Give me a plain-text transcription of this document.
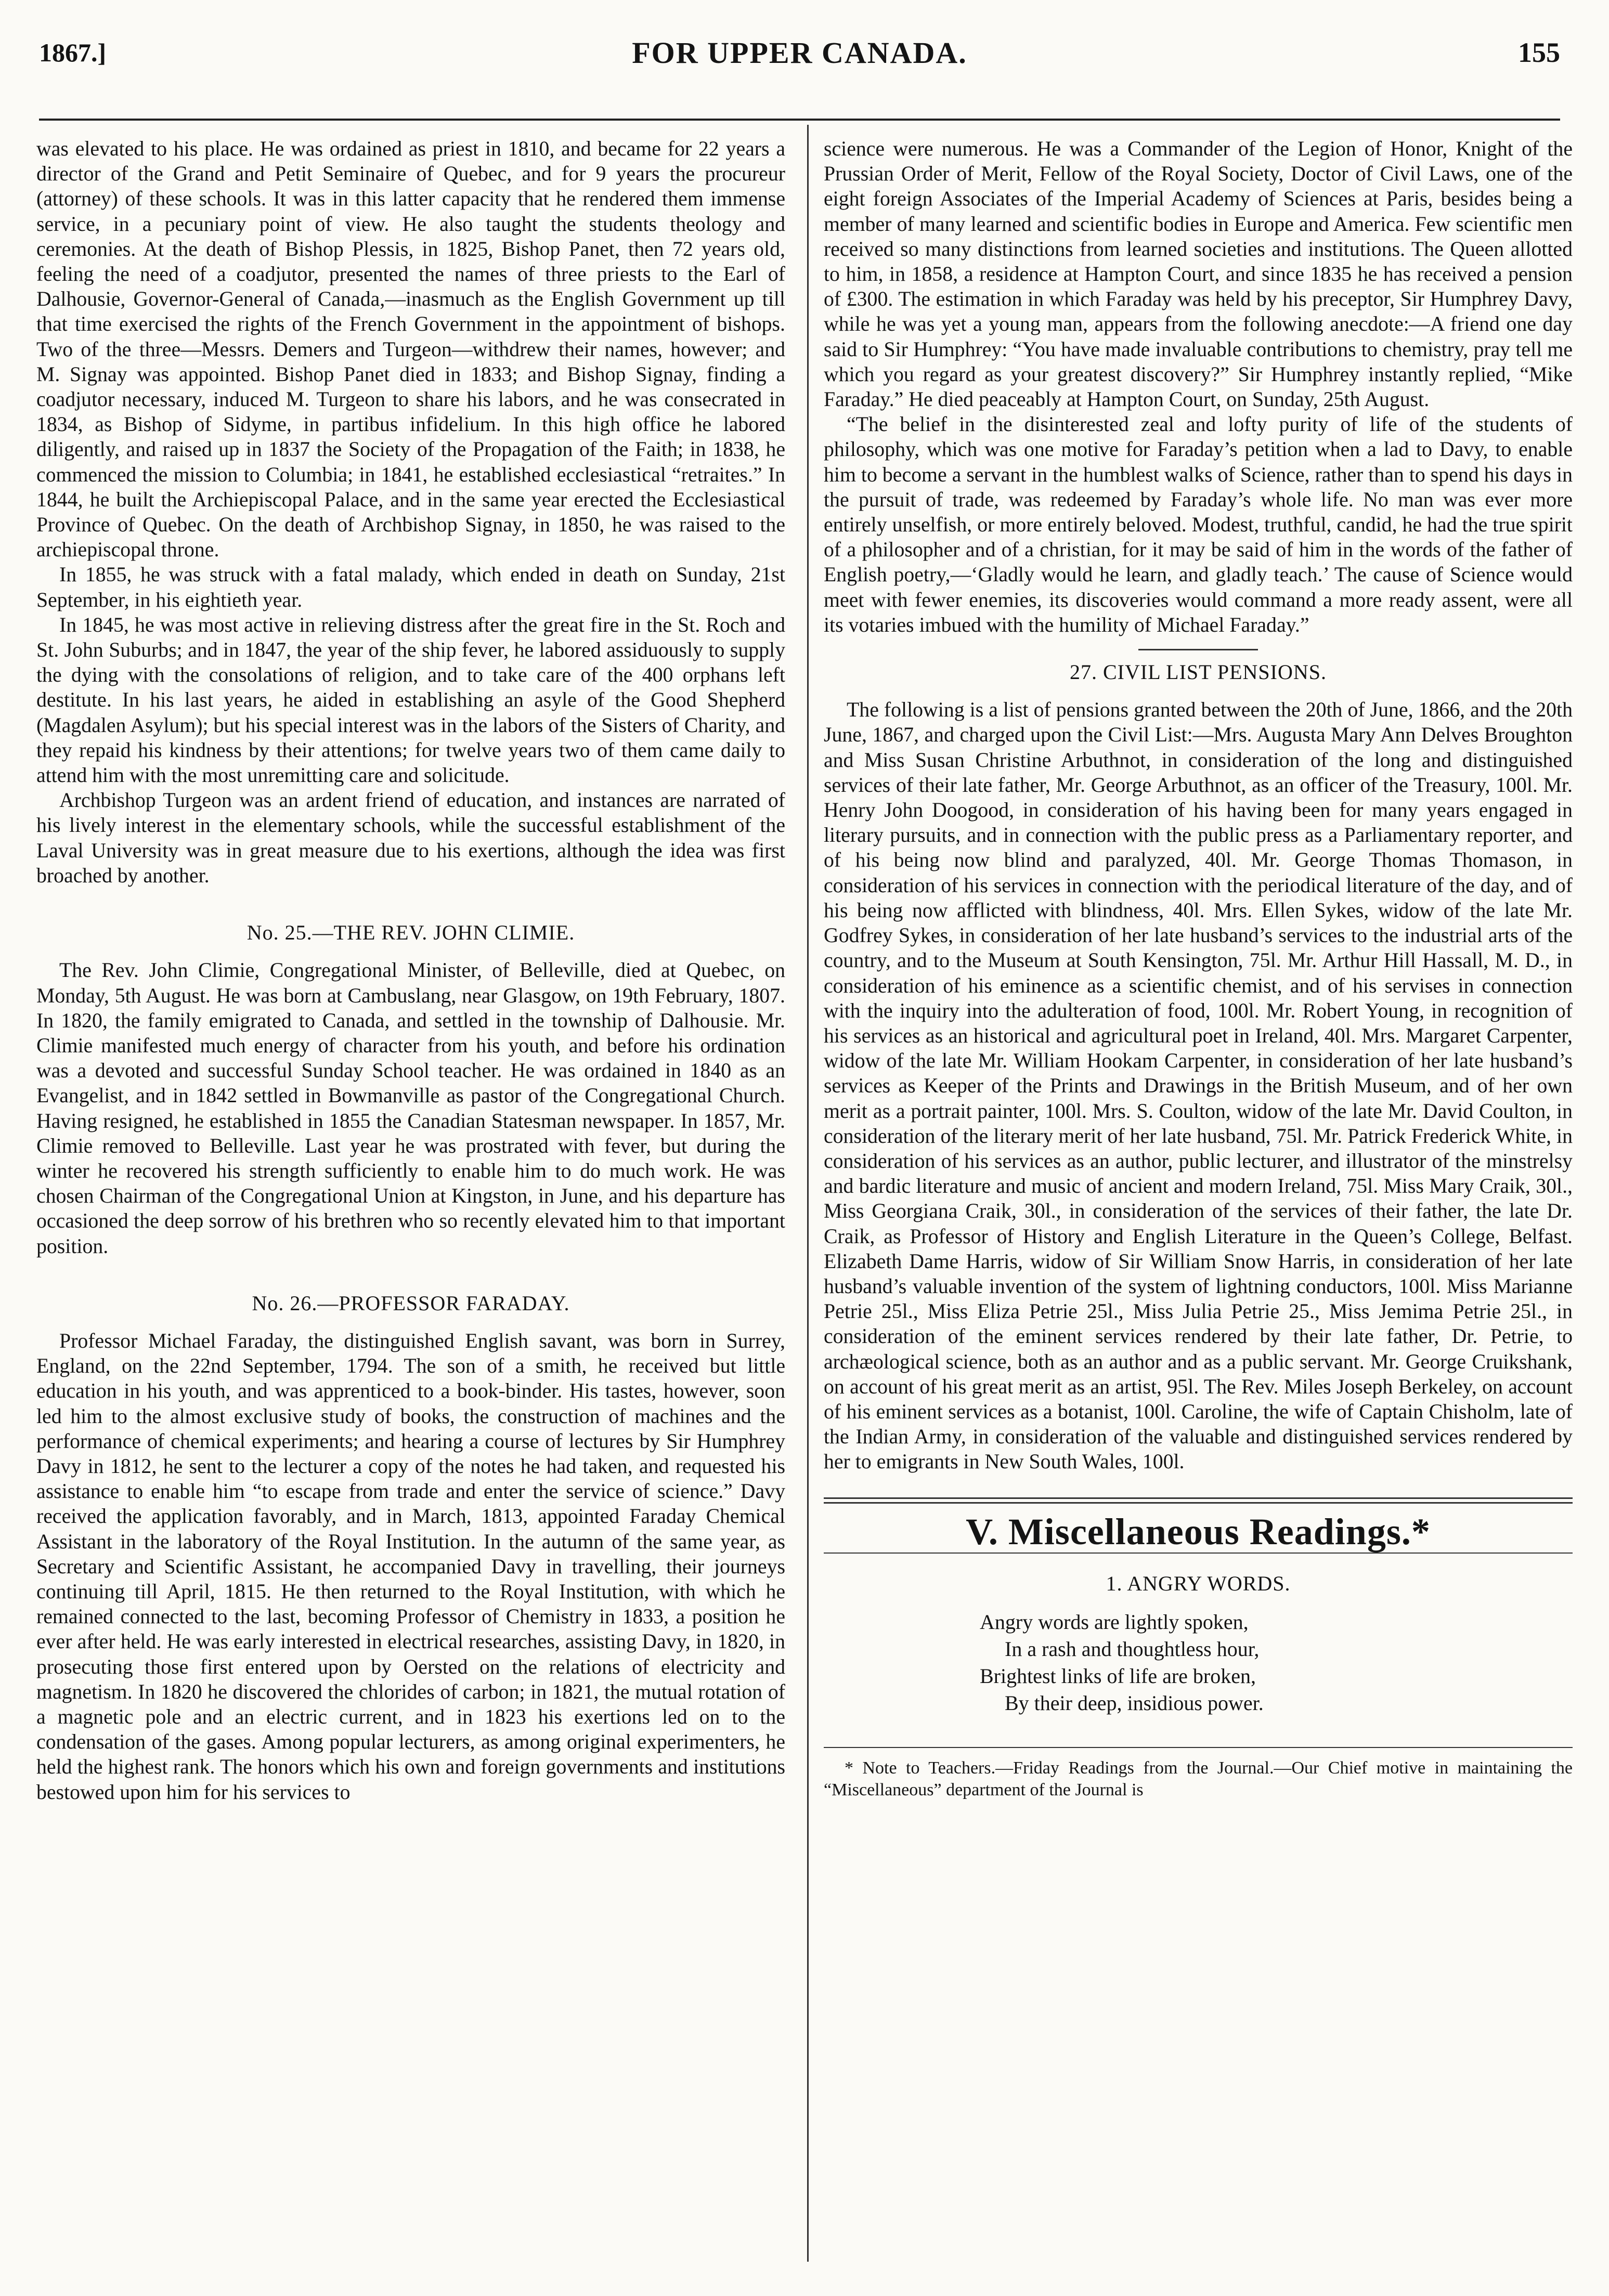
1867.]	FOR UPPER CANADA.	155

was elevated to his place. He was ordained as priest in 1810, and became for 22 years a director of the Grand and Petit Seminaire of Quebec, and for 9 years the procureur (attorney) of these schools. It was in this latter capacity that he rendered them immense service, in a pecuniary point of view. He also taught the students theology and ceremonies. At the death of Bishop Plessis, in 1825, Bishop Panet, then 72 years old, feeling the need of a coadjutor, presented the names of three priests to the Earl of Dalhousie, Governor-General of Canada,—inasmuch as the English Government up till that time exercised the rights of the French Government in the appointment of bishops. Two of the three—Messrs. Demers and Turgeon—withdrew their names, however; and M. Signay was appointed. Bishop Panet died in 1833; and Bishop Signay, finding a coadjutor necessary, induced M. Turgeon to share his labors, and he was consecrated in 1834, as Bishop of Sidyme, in partibus infidelium. In this high office he labored diligently, and raised up in 1837 the Society of the Propagation of the Faith; in 1838, he commenced the mission to Columbia; in 1841, he established ecclesiastical “retraites.” In 1844, he built the Archiepiscopal Palace, and in the same year erected the Ecclesiastical Province of Quebec. On the death of Archbishop Signay, in 1850, he was raised to the archiepiscopal throne.

In 1855, he was struck with a fatal malady, which ended in death on Sunday, 21st September, in his eightieth year.

In 1845, he was most active in relieving distress after the great fire in the St. Roch and St. John Suburbs; and in 1847, the year of the ship fever, he labored assiduously to supply the dying with the consolations of religion, and to take care of the 400 orphans left destitute. In his last years, he aided in establishing an asyle of the Good Shepherd (Magdalen Asylum); but his special interest was in the labors of the Sisters of Charity, and they repaid his kindness by their attentions; for twelve years two of them came daily to attend him with the most unremitting care and solicitude.

Archbishop Turgeon was an ardent friend of education, and instances are narrated of his lively interest in the elementary schools, while the successful establishment of the Laval University was in great measure due to his exertions, although the idea was first broached by another.

No. 25.—THE REV. JOHN CLIMIE.

The Rev. John Climie, Congregational Minister, of Belleville, died at Quebec, on Monday, 5th August. He was born at Cambuslang, near Glasgow, on 19th February, 1807. In 1820, the family emigrated to Canada, and settled in the township of Dalhousie. Mr. Climie manifested much energy of character from his youth, and before his ordination was a devoted and successful Sunday School teacher. He was ordained in 1840 as an Evangelist, and in 1842 settled in Bowmanville as pastor of the Congregational Church. Having resigned, he established in 1855 the Canadian Statesman newspaper. In 1857, Mr. Climie removed to Belleville. Last year he was prostrated with fever, but during the winter he recovered his strength sufficiently to enable him to do much work. He was chosen Chairman of the Congregational Union at Kingston, in June, and his departure has occasioned the deep sorrow of his brethren who so recently elevated him to that important position.

No. 26.—PROFESSOR FARADAY.

Professor Michael Faraday, the distinguished English savant, was born in Surrey, England, on the 22nd September, 1794. The son of a smith, he received but little education in his youth, and was apprenticed to a book-binder. His tastes, however, soon led him to the almost exclusive study of books, the construction of machines and the performance of chemical experiments; and hearing a course of lectures by Sir Humphrey Davy in 1812, he sent to the lecturer a copy of the notes he had taken, and requested his assistance to enable him “to escape from trade and enter the service of science.” Davy received the application favorably, and in March, 1813, appointed Faraday Chemical Assistant in the laboratory of the Royal Institution. In the autumn of the same year, as Secretary and Scientific Assistant, he accompanied Davy in travelling, their journeys continuing till April, 1815. He then returned to the Royal Institution, with which he remained connected to the last, becoming Professor of Chemistry in 1833, a position he ever after held. He was early interested in electrical researches, assisting Davy, in 1820, in prosecuting those first entered upon by Oersted on the relations of electricity and magnetism. In 1820 he discovered the chlorides of carbon; in 1821, the mutual rotation of a magnetic pole and an electric current, and in 1823 his exertions led on to the condensation of the gases. Among popular lecturers, as among original experimenters, he held the highest rank. The honors which his own and foreign governments and institutions bestowed upon him for his services to

science were numerous. He was a Commander of the Legion of Honor, Knight of the Prussian Order of Merit, Fellow of the Royal Society, Doctor of Civil Laws, one of the eight foreign Associates of the Imperial Academy of Sciences at Paris, besides being a member of many learned and scientific bodies in Europe and America. Few scientific men received so many distinctions from learned societies and institutions. The Queen allotted to him, in 1858, a residence at Hampton Court, and since 1835 he has received a pension of £300. The estimation in which Faraday was held by his preceptor, Sir Humphrey Davy, while he was yet a young man, appears from the following anecdote:—A friend one day said to Sir Humphrey: “You have made invaluable contributions to chemistry, pray tell me which you regard as your greatest discovery?” Sir Humphrey instantly replied, “Mike Faraday.” He died peaceably at Hampton Court, on Sunday, 25th August.

“The belief in the disinterested zeal and lofty purity of life of the students of philosophy, which was one motive for Faraday’s petition when a lad to Davy, to enable him to become a servant in the humblest walks of Science, rather than to spend his days in the pursuit of trade, was redeemed by Faraday’s whole life. No man was ever more entirely unselfish, or more entirely beloved. Modest, truthful, candid, he had the true spirit of a philosopher and of a christian, for it may be said of him in the words of the father of English poetry,—‘Gladly would he learn, and gladly teach.’ The cause of Science would meet with fewer enemies, its discoveries would command a more ready assent, were all its votaries imbued with the humility of Michael Faraday.”

27. CIVIL LIST PENSIONS.

The following is a list of pensions granted between the 20th of June, 1866, and the 20th June, 1867, and charged upon the Civil List:—Mrs. Augusta Mary Ann Delves Broughton and Miss Susan Christine Arbuthnot, in consideration of the long and distinguished services of their late father, Mr. George Arbuthnot, as an officer of the Treasury, 100l. Mr. Henry John Doogood, in consideration of his having been for many years engaged in literary pursuits, and in connection with the public press as a Parliamentary reporter, and of his being now blind and paralyzed, 40l. Mr. George Thomas Thomason, in consideration of his services in connection with the periodical literature of the day, and of his being now afflicted with blindness, 40l. Mrs. Ellen Sykes, widow of the late Mr. Godfrey Sykes, in consideration of her late husband’s services to the industrial arts of the country, and to the Museum at South Kensington, 75l. Mr. Arthur Hill Hassall, M. D., in consideration of his eminence as a scientific chemist, and of his servises in connection with the inquiry into the adulteration of food, 100l. Mr. Robert Young, in recognition of his services as an historical and agricultural poet in Ireland, 40l. Mrs. Margaret Carpenter, widow of the late Mr. William Hookam Carpenter, in consideration of her late husband’s services as Keeper of the Prints and Drawings in the British Museum, and of her own merit as a portrait painter, 100l. Mrs. S. Coulton, widow of the late Mr. David Coulton, in consideration of the literary merit of her late husband, 75l. Mr. Patrick Frederick White, in consideration of his services as an author, public lecturer, and illustrator of the minstrelsy and bardic literature and music of ancient and modern Ireland, 75l. Miss Mary Craik, 30l., Miss Georgiana Craik, 30l., in consideration of the services of their father, the late Dr. Craik, as Professor of History and English Literature in the Queen’s College, Belfast. Elizabeth Dame Harris, widow of Sir William Snow Harris, in consideration of her late husband’s valuable invention of the system of lightning conductors, 100l. Miss Marianne Petrie 25l., Miss Eliza Petrie 25l., Miss Julia Petrie 25., Miss Jemima Petrie 25l., in consideration of the eminent services rendered by their late father, Dr. Petrie, to archæological science, both as an author and as a public servant. Mr. George Cruikshank, on account of his great merit as an artist, 95l. The Rev. Miles Joseph Berkeley, on account of his eminent services as a botanist, 100l. Caroline, the wife of Captain Chisholm, late of the Indian Army, in consideration of the valuable and distinguished services rendered by her to emigrants in New South Wales, 100l.

V. Miscellaneous Readings.*
1. ANGRY WORDS.
Angry words are lightly spoken,
In a rash and thoughtless hour,
Brightest links of life are broken,
By their deep, insidious power.
* Note to Teachers.—Friday Readings from the Journal.—Our Chief motive in maintaining the “Miscellaneous” department of the Journal is
